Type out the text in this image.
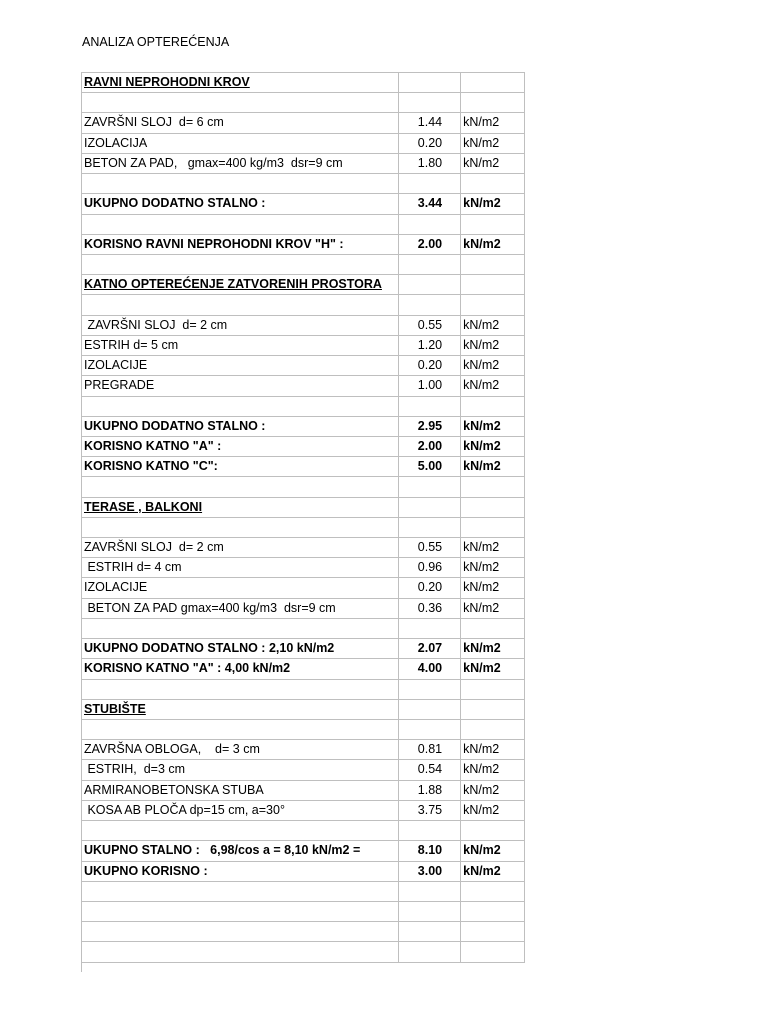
ANALIZA OPTEREĆENJA
RAVNI NEPROHODNI KROV
ZAVRŠNI SLOJ  d= 6 cm	1.44	kN/m2
IZOLACIJA	0.20	kN/m2
BETON ZA PAD,   gmax=400 kg/m3  dsr=9 cm	1.80	kN/m2
UKUPNO DODATNO STALNO :	3.44	kN/m2
KORISNO RAVNI NEPROHODNI KROV "H" :	2.00	kN/m2
KATNO OPTEREĆENJE ZATVORENIH PROSTORA
ZAVRŠNI SLOJ  d= 2 cm	0.55	kN/m2
ESTRIH d= 5 cm	1.20	kN/m2
IZOLACIJE	0.20	kN/m2
PREGRADE	1.00	kN/m2
UKUPNO DODATNO STALNO :	2.95	kN/m2
KORISNO KATNO "A" :	2.00	kN/m2
KORISNO KATNO "C":	5.00	kN/m2
TERASE , BALKONI
ZAVRŠNI SLOJ  d= 2 cm	0.55	kN/m2
ESTRIH d= 4 cm	0.96	kN/m2
IZOLACIJE	0.20	kN/m2
BETON ZA PAD gmax=400 kg/m3  dsr=9 cm	0.36	kN/m2
UKUPNO DODATNO STALNO : 2,10 kN/m2	2.07	kN/m2
KORISNO KATNO "A" : 4,00 kN/m2	4.00	kN/m2
STUBIŠTE
ZAVRŠNA OBLOGA,    d= 3 cm	0.81	kN/m2
ESTRIH,  d=3 cm	0.54	kN/m2
ARMIRANOBETONSKA STUBA	1.88	kN/m2
KOSA AB PLOČA dp=15 cm, a=30°	3.75	kN/m2
UKUPNO STALNO :   6,98/cos a = 8,10 kN/m2 =	8.10	kN/m2
UKUPNO KORISNO :	3.00	kN/m2
